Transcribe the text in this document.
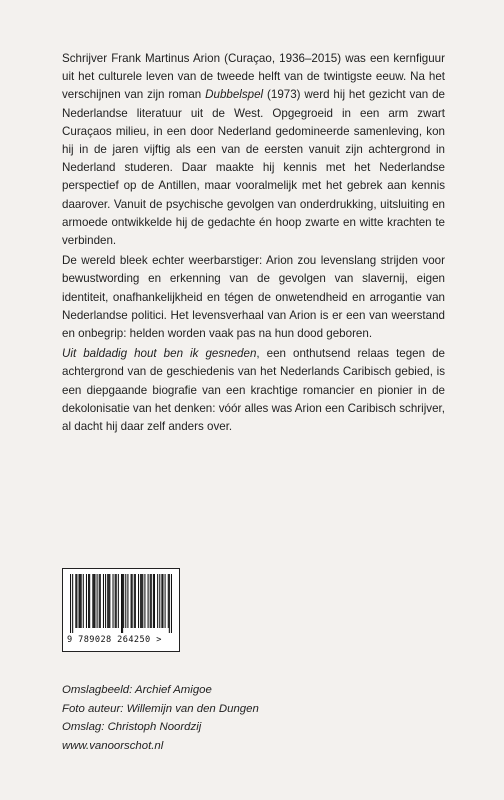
Schrijver Frank Martinus Arion (Curaçao, 1936–2015) was een kernfiguur uit het culturele leven van de tweede helft van de twintigste eeuw. Na het verschijnen van zijn roman Dubbelspel (1973) werd hij het gezicht van de Nederlandse literatuur uit de West. Opgegroeid in een arm zwart Curaçaos milieu, in een door Nederland gedomineerde samenleving, kon hij in de jaren vijftig als een van de eersten vanuit zijn achtergrond in Nederland studeren. Daar maakte hij kennis met het Nederlandse perspectief op de Antillen, maar vooralmelijk met het gebrek aan kennis daarover. Vanuit de psychische gevolgen van onderdrukking, uitsluiting en armoede ontwikkelde hij de gedachte én hoop zwarte en witte krachten te verbinden.

De wereld bleek echter weerbarstiger: Arion zou levenslang strijden voor bewustwording en erkenning van de gevolgen van slavernij, eigen identiteit, onafhankelijkheid en tégen de onwetendheid en arrogantie van Nederlandse politici. Het levensverhaal van Arion is er een van weerstand en onbegrip: helden worden vaak pas na hun dood geboren.

Uit baldadig hout ben ik gesneden, een onthutsend relaas tegen de achtergrond van de geschiedenis van het Nederlands Caribisch gebied, is een diepgaande biografie van een krachtige romancier en pionier in de dekolonisatie van het denken: vóór alles was Arion een Caribisch schrijver, al dacht hij daar zelf anders over.

9 789028 264250 >
Omslagbeeld: Archief Amigoe
Foto auteur: Willemijn van den Dungen
Omslag: Christoph Noordzij
www.vanoorschot.nl
